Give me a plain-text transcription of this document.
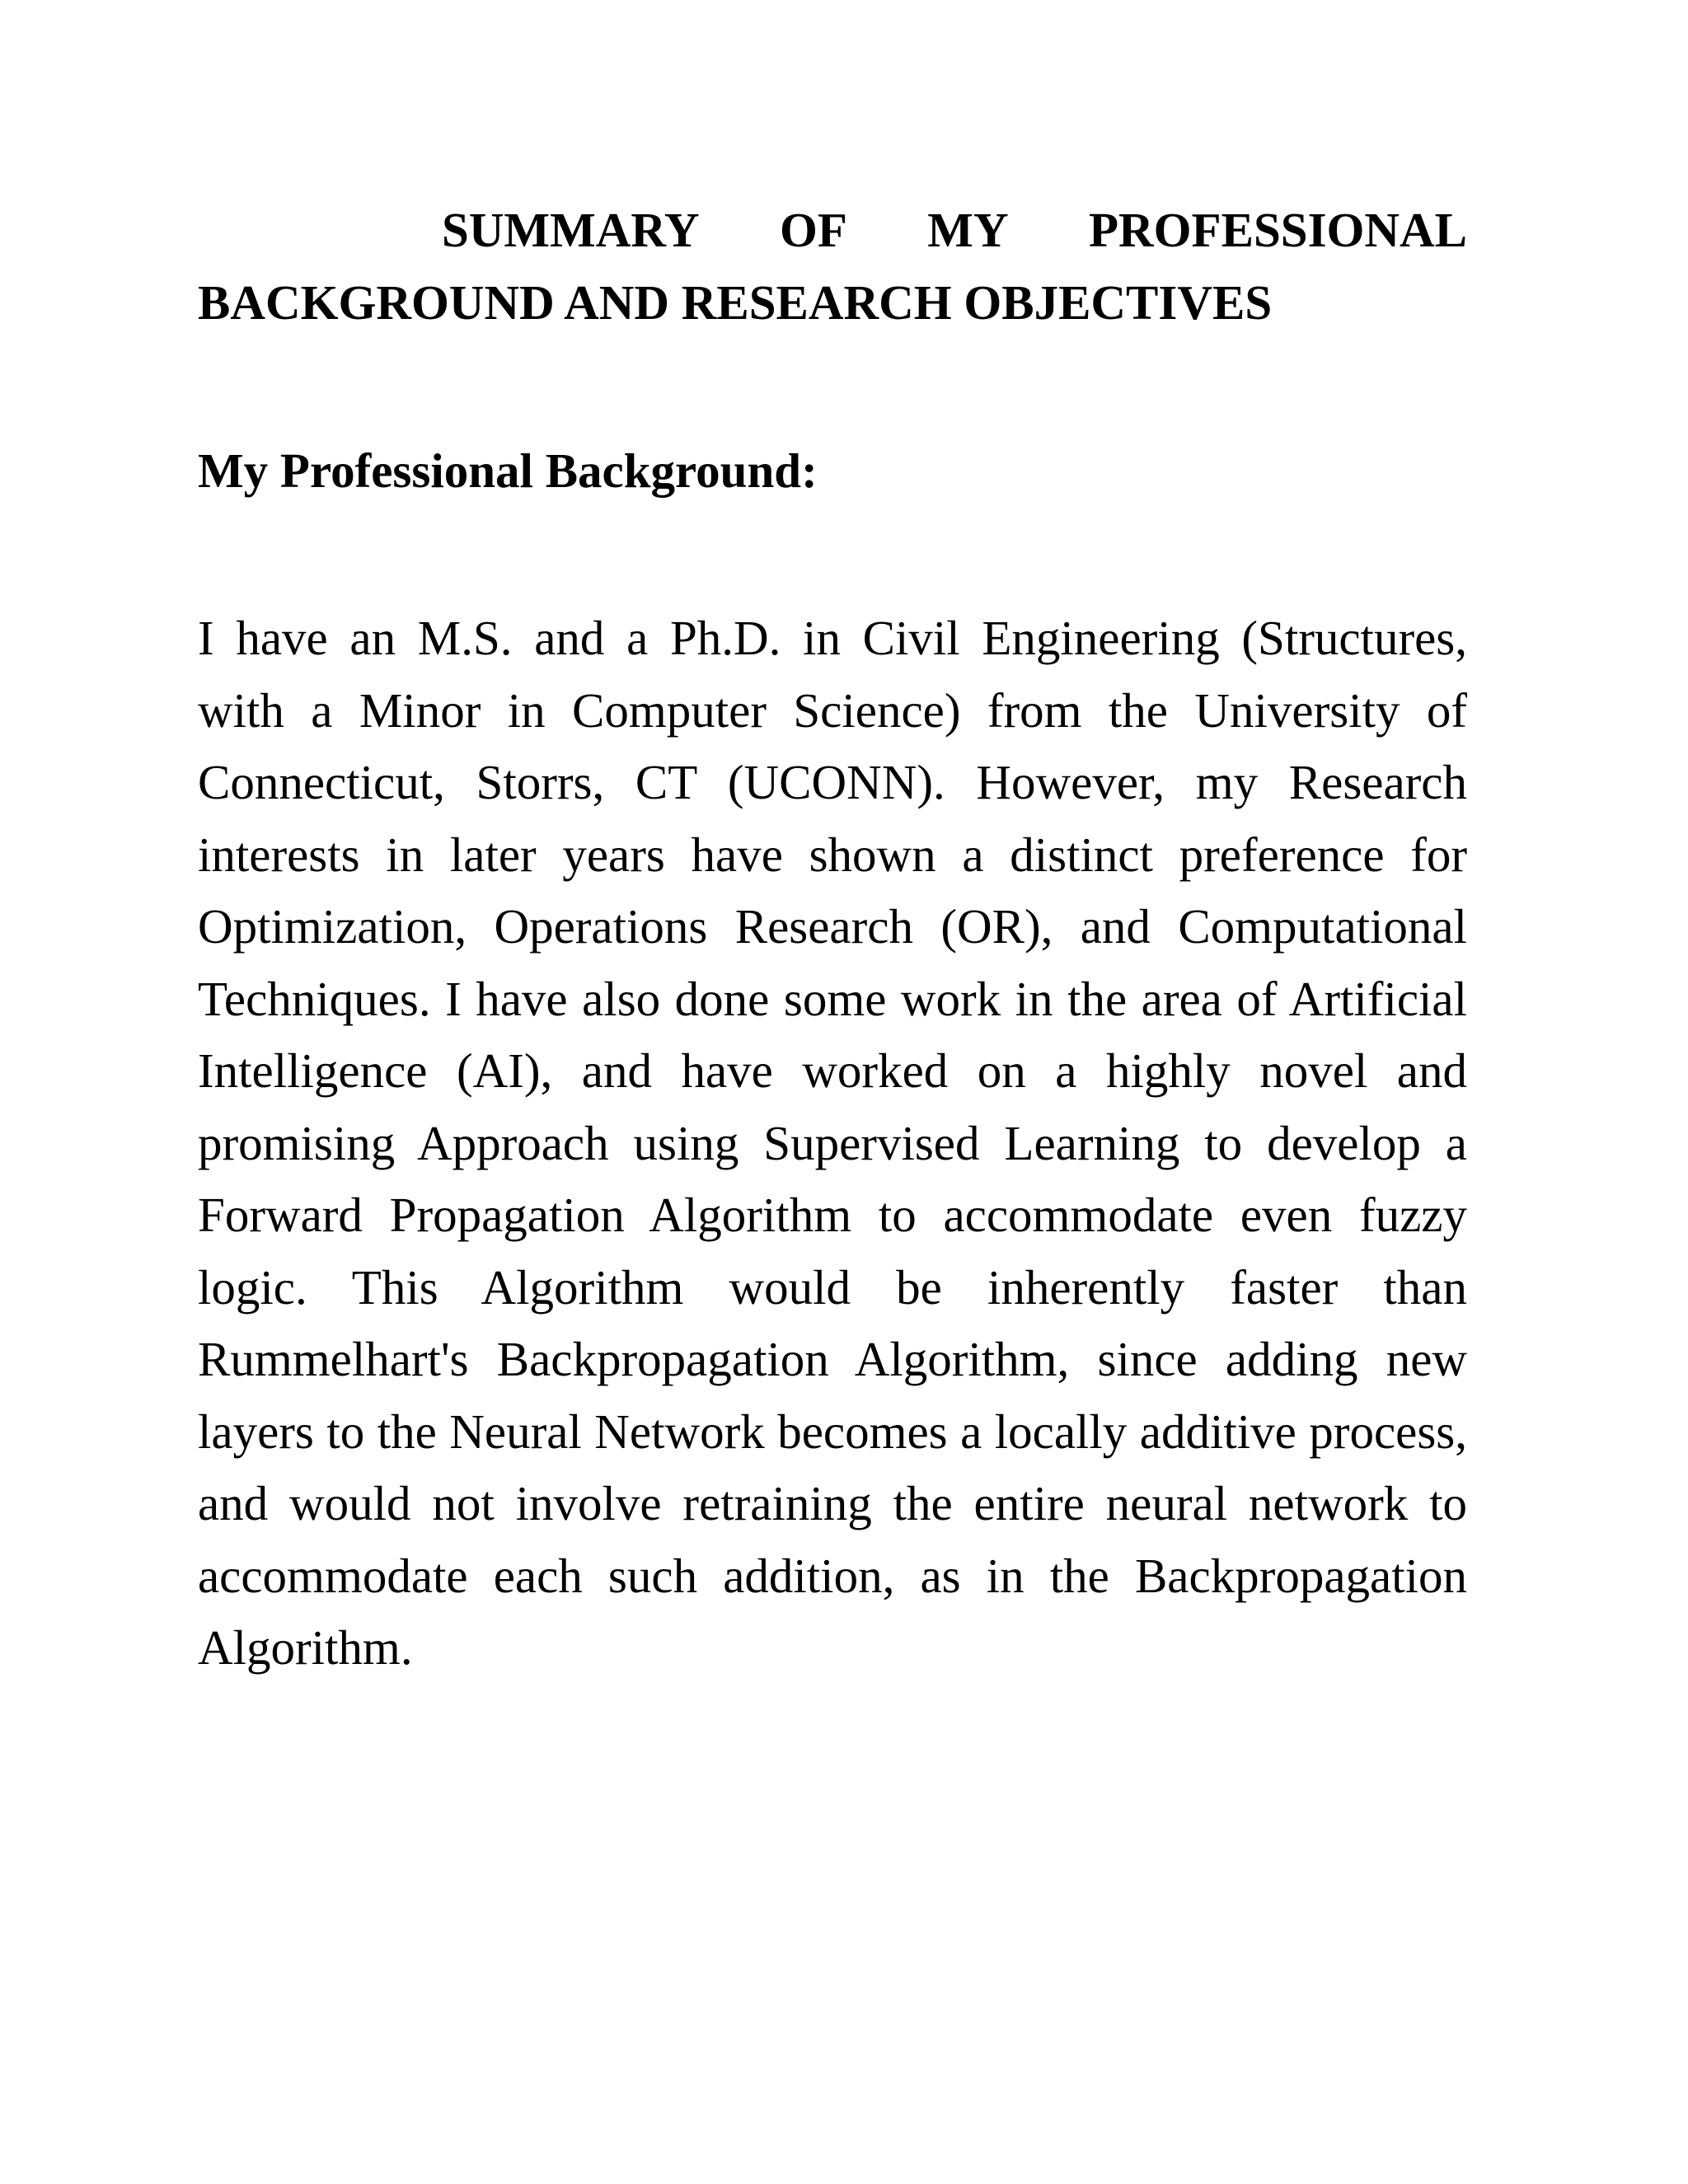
SUMMARY OF MY PROFESSIONAL BACKGROUND AND RESEARCH OBJECTIVES
My Professional Background:

I have an M.S. and a Ph.D. in Civil Engineering (Structures, with a Minor in Computer Science) from the University of Connecticut, Storrs, CT (UCONN). However, my Research interests in later years have shown a distinct preference for Optimization, Operations Research (OR), and Computational Techniques. I have also done some work in the area of Artificial Intelligence (AI), and have worked on a highly novel and promising Approach using Supervised Learning to develop a Forward Propagation Algorithm to accommodate even fuzzy logic. This Algorithm would be inherently faster than Rummelhart's Backpropagation Algorithm, since adding new layers to the Neural Network becomes a locally additive process, and would not involve retraining the entire neural network to accommodate each such addition, as in the Backpropagation Algorithm.
